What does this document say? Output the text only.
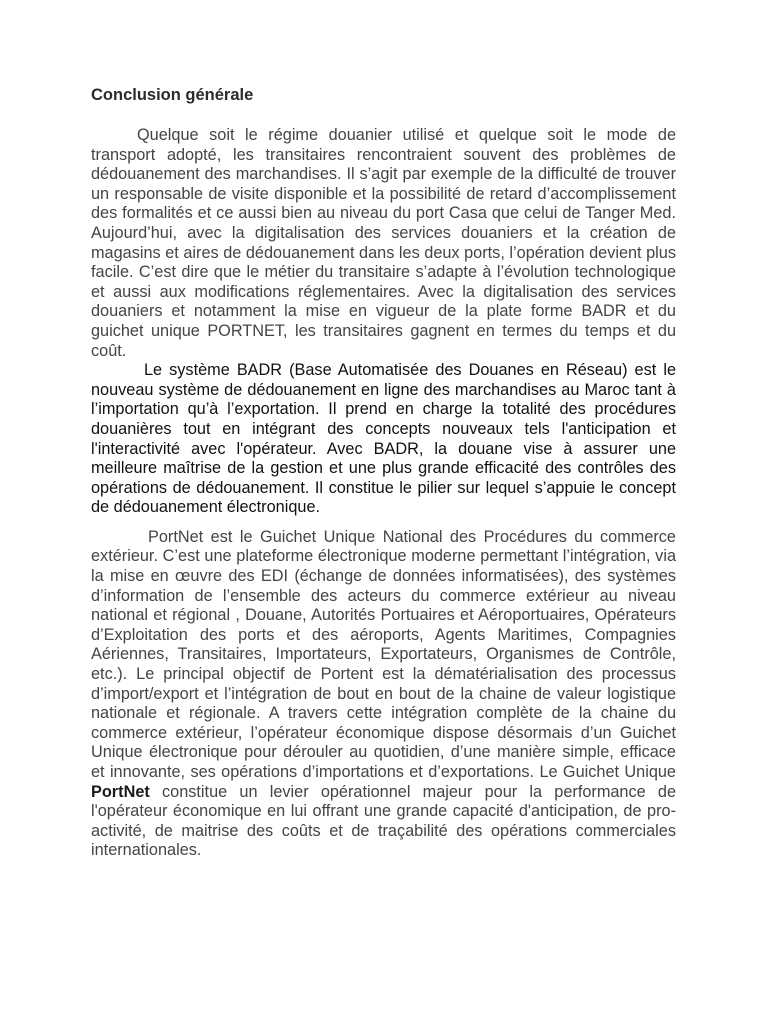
Conclusion générale

Quelque soit le régime douanier utilisé et quelque soit le mode de transport adopté, les transitaires rencontraient souvent des problèmes de dédouanement des marchandises. Il s’agit par exemple de la difficulté de trouver un responsable de visite disponible et la possibilité de retard d’accomplissement des formalités et ce aussi bien au niveau du port Casa que celui de Tanger Med. Aujourd’hui, avec la digitalisation des services douaniers et la création de magasins et aires de dédouanement dans les deux ports, l’opération devient plus facile. C’est dire que le métier du transitaire s’adapte à l’évolution technologique et aussi aux modifications réglementaires. Avec la digitalisation des services douaniers et notamment la mise en vigueur de la plate forme BADR et du guichet unique PORTNET, les transitaires gagnent en termes du temps et du coût.

Le système BADR (Base Automatisée des Douanes en Réseau) est le nouveau système de dédouanement en ligne des marchandises au Maroc tant à l’importation qu’à l’exportation. Il prend en charge la totalité des procédures douanières tout en intégrant des concepts nouveaux tels l'anticipation et l'interactivité avec l'opérateur. Avec BADR, la douane vise à assurer une meilleure maîtrise de la gestion et une plus grande efficacité des contrôles des opérations de dédouanement. Il constitue le pilier sur lequel s’appuie le concept de dédouanement électronique.

PortNet est le Guichet Unique National des Procédures du commerce extérieur. C’est une plateforme électronique moderne permettant l’intégration, via la mise en œuvre des EDI (échange de données informatisées), des systèmes d’information de l’ensemble des acteurs du commerce extérieur au niveau national et régional , Douane, Autorités Portuaires et Aéroportuaires, Opérateurs d’Exploitation des ports et des aéroports, Agents Maritimes, Compagnies Aériennes, Transitaires, Importateurs, Exportateurs, Organismes de Contrôle, etc.). Le principal objectif de Portent est la dématérialisation des processus d’import/export et l’intégration de bout en bout de la chaine de valeur logistique nationale et régionale. A travers cette intégration complète de la chaine du commerce extérieur, l’opérateur économique dispose désormais d’un Guichet Unique électronique pour dérouler au quotidien, d’une manière simple, efficace et innovante, ses opérations d’importations et d’exportations. Le Guichet Unique PortNet constitue un levier opérationnel majeur pour la performance de l'opérateur économique en lui offrant une grande capacité d'anticipation, de pro-activité, de maitrise des coûts et de traçabilité des opérations commerciales internationales.
